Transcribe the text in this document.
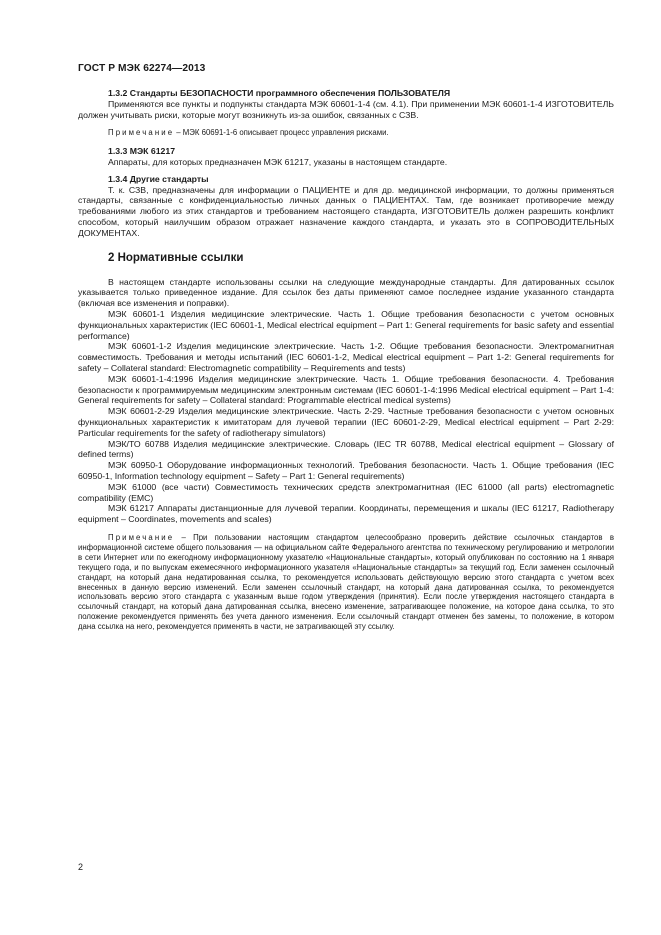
ГОСТ Р МЭК 62274—2013

1.3.2 Стандарты БЕЗОПАСНОСТИ программного обеспечения ПОЛЬЗОВАТЕЛЯ

Применяются все пункты и подпункты стандарта МЭК 60601-1-4 (см. 4.1). При применении МЭК 60601-1-4 ИЗГОТОВИТЕЛЬ должен учитывать риски, которые могут возникнуть из-за ошибок, связанных с СЗВ.

Примечание – МЭК 60691-1-6 описывает процесс управления рисками.

1.3.3 МЭК 61217

Аппараты, для которых предназначен МЭК 61217, указаны в настоящем стандарте.

1.3.4 Другие стандарты

Т. к. СЗВ, предназначены для информации о ПАЦИЕНТЕ и для др. медицинской информации, то должны применяться стандарты, связанные с конфиденциальностью личных данных о ПАЦИЕНТАХ. Там, где возникает противоречие между требованиями любого из этих стандартов и требованием настоящего стандарта, ИЗГОТОВИТЕЛЬ должен разрешить конфликт способом, который наилучшим образом отражает назначение каждого стандарта, и указать это в СОПРОВОДИТЕЛЬНЫХ ДОКУМЕНТАХ.

2 Нормативные ссылки

В настоящем стандарте использованы ссылки на следующие международные стандарты. Для датированных ссылок указывается только приведенное издание. Для ссылок без даты применяют самое последнее издание указанного стандарта (включая все изменения и поправки).

МЭК 60601-1 Изделия медицинские электрические. Часть 1. Общие требования безопасности с учетом основных функциональных характеристик (IEC 60601-1, Medical electrical equipment – Part 1: General requirements for basic safety and essential performance)

МЭК 60601-1-2 Изделия медицинские электрические. Часть 1-2. Общие требования безопасности. Электромагнитная совместимость. Требования и методы испытаний (IEC 60601-1-2, Medical electrical equipment – Part 1-2: General requirements for safety – Collateral standard: Electromagnetic compatibility – Requirements and tests)

МЭК 60601-1-4:1996 Изделия медицинские электрические. Часть 1. Общие требования безопасности. 4. Требования безопасности к программируемым медицинским электронным системам (IEC 60601-1-4:1996 Medical electrical equipment – Part 1-4: General requirements for safety – Collateral standard: Programmable electrical medical systems)

МЭК 60601-2-29 Изделия медицинские электрические. Часть 2-29. Частные требования безопасности с учетом основных функциональных характеристик к имитаторам для лучевой терапии (IEC 60601-2-29, Medical electrical equipment – Part 2-29: Particular requirements for the safety of radiotherapy simulators)

МЭК/ТО 60788 Изделия медицинские электрические. Словарь (IEC TR 60788, Medical electrical equipment – Glossary of defined terms)

МЭК 60950-1 Оборудование информационных технологий. Требования безопасности. Часть 1. Общие требования (IEC 60950-1, Information technology equipment – Safety – Part 1: General requirements)

МЭК 61000 (все части) Совместимость технических средств электромагнитная (IEC 61000 (all parts) electromagnetic compatibility (EMC)

МЭК 61217 Аппараты дистанционные для лучевой терапии. Координаты, перемещения и шкалы (IEC 61217, Radiotherapy equipment – Coordinates, movements and scales)

Примечание – При пользовании настоящим стандартом целесообразно проверить действие ссылочных стандартов в информационной системе общего пользования — на официальном сайте Федерального агентства по техническому регулированию и метрологии в сети Интернет или по ежегодному информационному указателю «Национальные стандарты», который опубликован по состоянию на 1 января текущего года, и по выпускам ежемесячного информационного указателя «Национальные стандарты» за текущий год. Если заменен ссылочный стандарт, на который дана недатированная ссылка, то рекомендуется использовать действующую версию этого стандарта с учетом всех внесенных в данную версию изменений. Если заменен ссылочный стандарт, на который дана датированная ссылка, то рекомендуется использовать версию этого стандарта с указанным выше годом утверждения (принятия). Если после утверждения настоящего стандарта в ссылочный стандарт, на который дана датированная ссылка, внесено изменение, затрагивающее положение, на которое дана ссылка, то это положение рекомендуется применять без учета данного изменения. Если ссылочный стандарт отменен без замены, то положение, в котором дана ссылка на него, рекомендуется применять в части, не затрагивающей эту ссылку.

2
